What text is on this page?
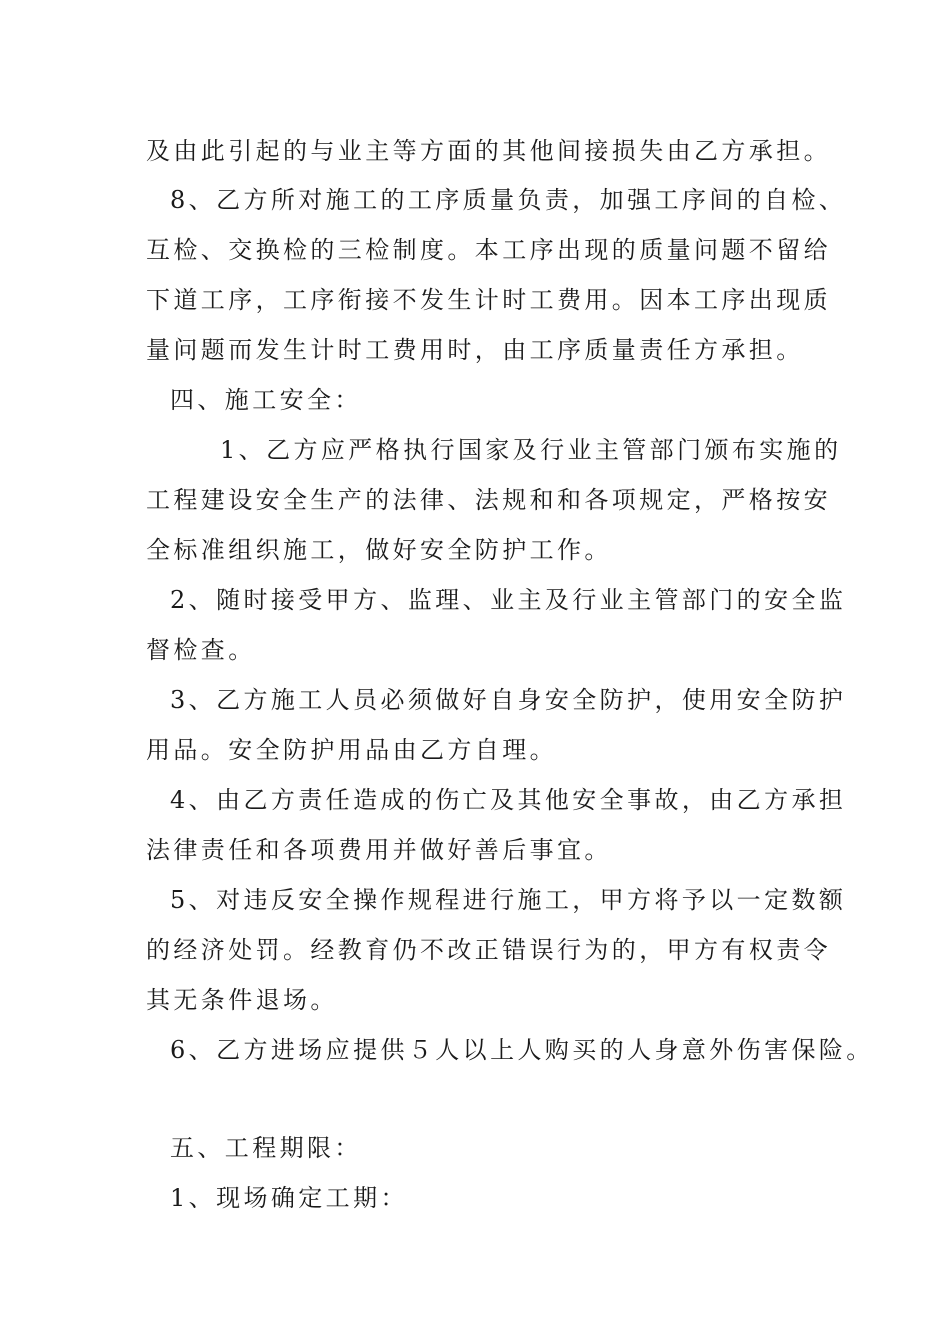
及由此引起的与业主等方面的其他间接损失由乙方承担。
8、乙方所对施工的工序质量负责，加强工序间的自检、
互检、交换检的三检制度。本工序出现的质量问题不留给
下道工序，工序衔接不发生计时工费用。因本工序出现质
量问题而发生计时工费用时，由工序质量责任方承担。
四、施工安全：
1、乙方应严格执行国家及行业主管部门颁布实施的
工程建设安全生产的法律、法规和和各项规定，严格按安
全标准组织施工，做好安全防护工作。
2、随时接受甲方、监理、业主及行业主管部门的安全监
督检查。
3、乙方施工人员必须做好自身安全防护，使用安全防护
用品。安全防护用品由乙方自理。
4、由乙方责任造成的伤亡及其他安全事故，由乙方承担
法律责任和各项费用并做好善后事宜。
5、对违反安全操作规程进行施工，甲方将予以一定数额
的经济处罚。经教育仍不改正错误行为的，甲方有权责令
其无条件退场。
6、乙方进场应提供５人以上人购买的人身意外伤害保险。
五、工程期限：
1、现场确定工期：
